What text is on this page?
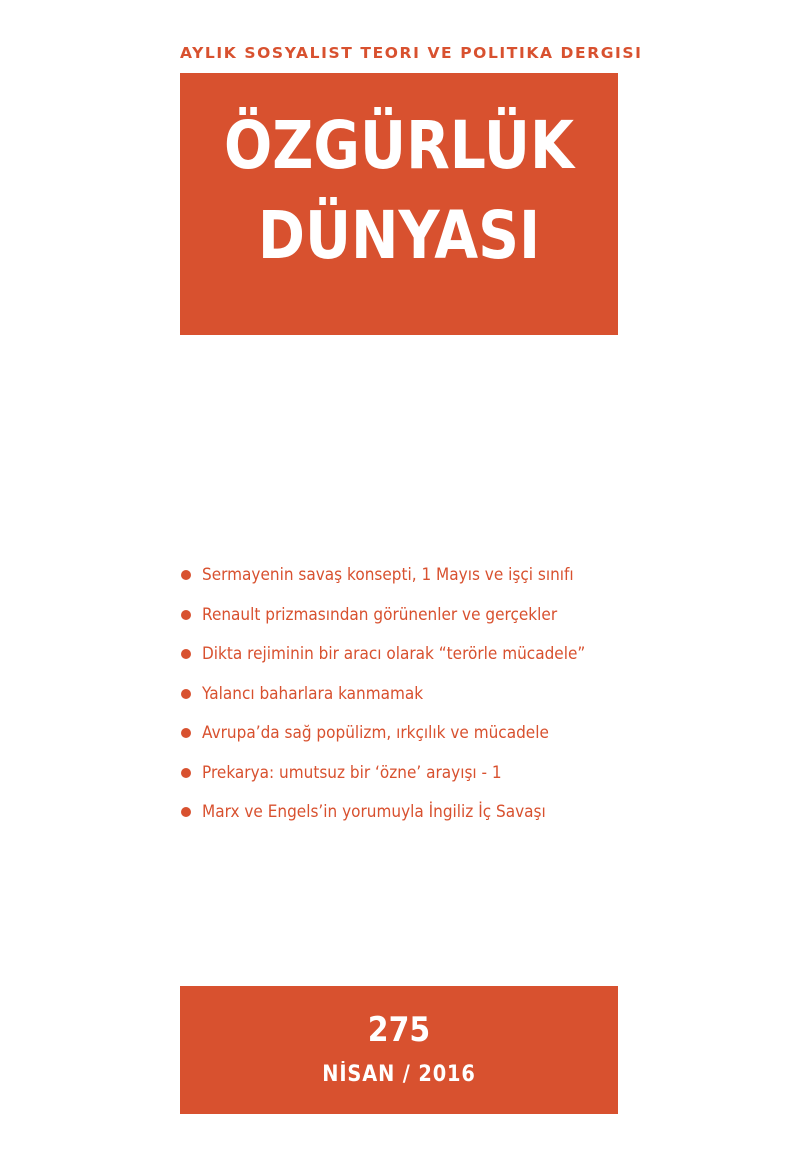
AYLIK SOSYALIST TEORI VE POLITIKA DERGISI
ÖZGÜRLÜK
DÜNYASI
Sermayenin savaş konsepti, 1 Mayıs ve işçi sınıfı
Renault prizmasından görünenler ve gerçekler
Dikta rejiminin bir aracı olarak “terörle mücadele”
Yalancı baharlara kanmamak
Avrupa’da sağ popülizm, ırkçılık ve mücadele
Prekarya: umutsuz bir ‘özne’ arayışı - 1
Marx ve Engels’in yorumuyla İngiliz İç Savaşı
275
NİSAN / 2016
